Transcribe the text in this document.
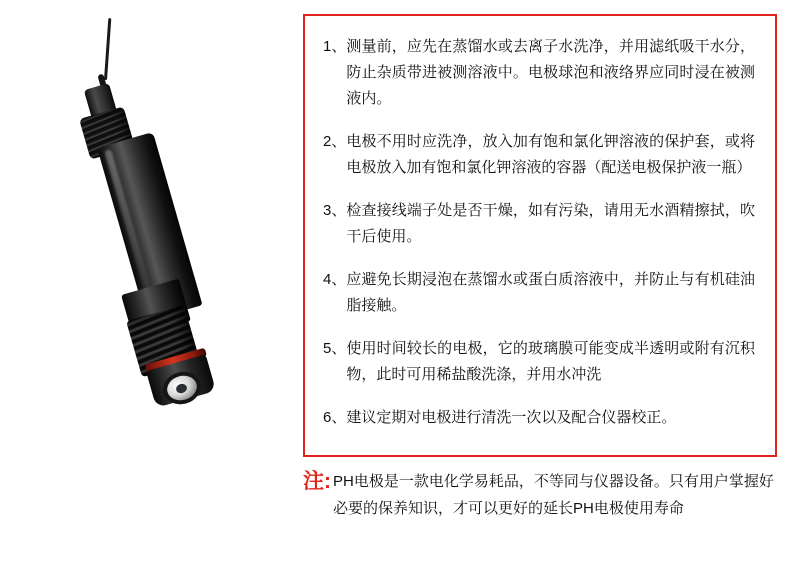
1、 测量前，应先在蒸馏水或去离子水洗净，并用滤纸吸干水分，防止杂质带进被测溶液中。电极球泡和液络界应同时浸在被测液内。
2、 电极不用时应洗净，放入加有饱和氯化钾溶液的保护套，或将电极放入加有饱和氯化钾溶液的容器（配送电极保护液一瓶）
3、 检查接线端子处是否干燥，如有污染，请用无水酒精擦拭，吹干后使用。
4、 应避免长期浸泡在蒸馏水或蛋白质溶液中，并防止与有机硅油脂接触。
5、 使用时间较长的电极，它的玻璃膜可能变成半透明或附有沉积物，此时可用稀盐酸洗涤，并用水冲洗
6、 建议定期对电极进行清洗一次以及配合仪器校正。
注: PH电极是一款电化学易耗品，不等同与仪器设备。只有用户掌握好必要的保养知识，才可以更好的延长PH电极使用寿命
